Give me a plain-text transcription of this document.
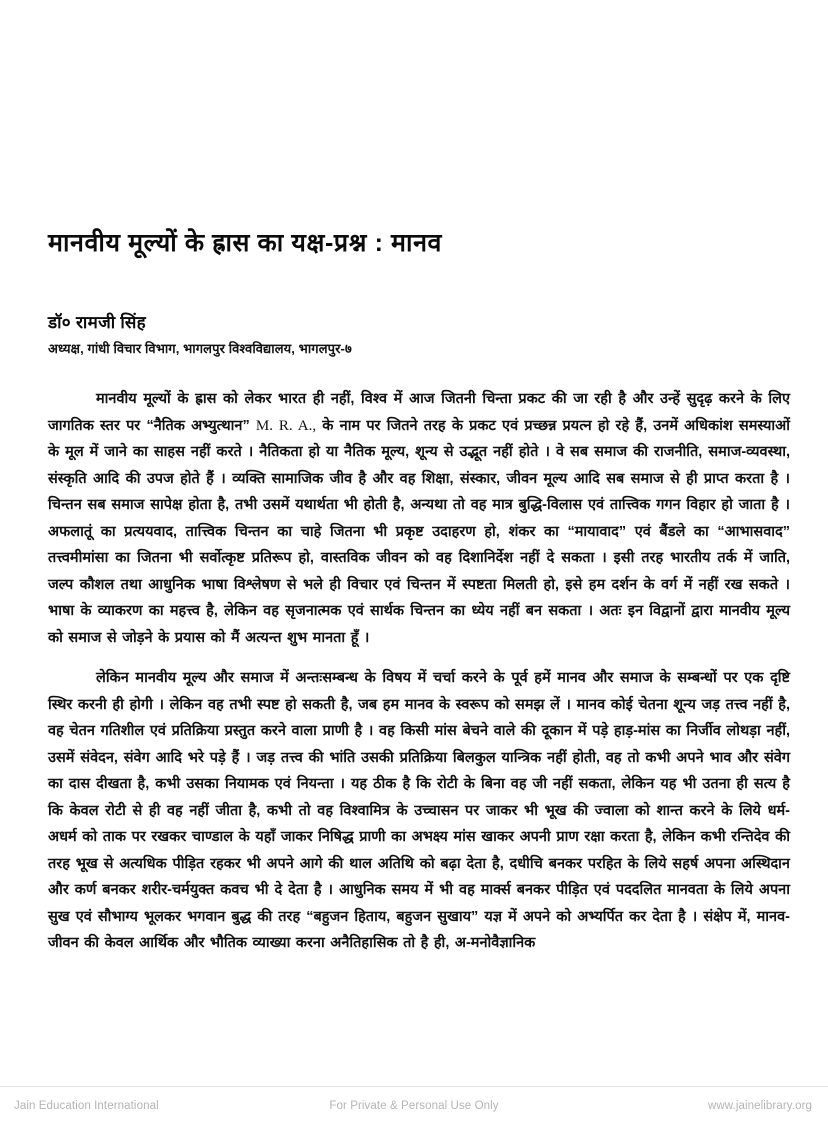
मानवीय मूल्यों के ह्रास का यक्ष-प्रश्न : मानव

डॉ० रामजी सिंह

अध्यक्ष, गांधी विचार विभाग, भागलपुर विश्वविद्यालय, भागलपुर-७

मानवीय मूल्यों के ह्रास को लेकर भारत ही नहीं, विश्व में आज जितनी चिन्ता प्रकट की जा रही है और उन्हें सुदृढ़ करने के लिए जागतिक स्तर पर “नैतिक अभ्युत्थान” M. R. A., के नाम पर जितने तरह के प्रकट एवं प्रच्छन्न प्रयत्न हो रहे हैं, उनमें अधिकांश समस्याओं के मूल में जाने का साहस नहीं करते । नैतिकता हो या नैतिक मूल्य, शून्य से उद्भूत नहीं होते । वे सब समाज की राजनीति, समाज-व्यवस्था, संस्कृति आदि की उपज होते हैं । व्यक्ति सामाजिक जीव है और वह शिक्षा, संस्कार, जीवन मूल्य आदि सब समाज से ही प्राप्त करता है । चिन्तन सब समाज सापेक्ष होता है, तभी उसमें यथार्थता भी होती है, अन्यथा तो वह मात्र बुद्धि-विलास एवं तात्त्विक गगन विहार हो जाता है । अफलातूं का प्रत्ययवाद, तात्त्विक चिन्तन का चाहे जितना भी प्रकृष्ट उदाहरण हो, शंकर का “मायावाद” एवं बैंडले का “आभासवाद” तत्त्वमीमांसा का जितना भी सर्वोत्कृष्ट प्रतिरूप हो, वास्तविक जीवन को वह दिशानिर्देश नहीं दे सकता । इसी तरह भारतीय तर्क में जाति, जल्प कौशल तथा आधुनिक भाषा विश्लेषण से भले ही विचार एवं चिन्तन में स्पष्टता मिलती हो, इसे हम दर्शन के वर्ग में नहीं रख सकते । भाषा के व्याकरण का महत्त्व है, लेकिन वह सृजनात्मक एवं सार्थक चिन्तन का ध्येय नहीं बन सकता । अतः इन विद्वानों द्वारा मानवीय मूल्य को समाज से जोड़ने के प्रयास को मैं अत्यन्त शुभ मानता हूँ ।

लेकिन मानवीय मूल्य और समाज में अन्तःसम्बन्ध के विषय में चर्चा करने के पूर्व हमें मानव और समाज के सम्बन्धों पर एक दृष्टि स्थिर करनी ही होगी । लेकिन वह तभी स्पष्ट हो सकती है, जब हम मानव के स्वरूप को समझ लें । मानव कोई चेतना शून्य जड़ तत्त्व नहीं है, वह चेतन गतिशील एवं प्रतिक्रिया प्रस्तुत करने वाला प्राणी है । वह किसी मांस बेचने वाले की दूकान में पड़े हाड़-मांस का निर्जीव लोथड़ा नहीं, उसमें संवेदन, संवेग आदि भरे पड़े हैं । जड़ तत्त्व की भांति उसकी प्रतिक्रिया बिलकुल यान्त्रिक नहीं होती, वह तो कभी अपने भाव और संवेग का दास दीखता है, कभी उसका नियामक एवं नियन्ता । यह ठीक है कि रोटी के बिना वह जी नहीं सकता, लेकिन यह भी उतना ही सत्य है कि केवल रोटी से ही वह नहीं जीता है, कभी तो वह विश्वामित्र के उच्चासन पर जाकर भी भूख की ज्वाला को शान्त करने के लिये धर्म-अधर्म को ताक पर रखकर चाण्डाल के यहाँ जाकर निषिद्ध प्राणी का अभक्ष्य मांस खाकर अपनी प्राण रक्षा करता है, लेकिन कभी रन्तिदेव की तरह भूख से अत्यधिक पीड़ित रहकर भी अपने आगे की थाल अतिथि को बढ़ा देता है, दधीचि बनकर परहित के लिये सहर्ष अपना अस्थिदान और कर्ण बनकर शरीर-चर्मयुक्त कवच भी दे देता है । आधुनिक समय में भी वह मार्क्स बनकर पीड़ित एवं पददलित मानवता के लिये अपना सुख एवं सौभाग्य भूलकर भगवान बुद्ध की तरह “बहुजन हिताय, बहुजन सुखाय” यज्ञ में अपने को अभ्यर्पित कर देता है । संक्षेप में, मानव-जीवन की केवल आर्थिक और भौतिक व्याख्या करना अनैतिहासिक तो है ही, अ-मनोवैज्ञानिक

Jain Education International	For Private & Personal Use Only	www.jainelibrary.org
